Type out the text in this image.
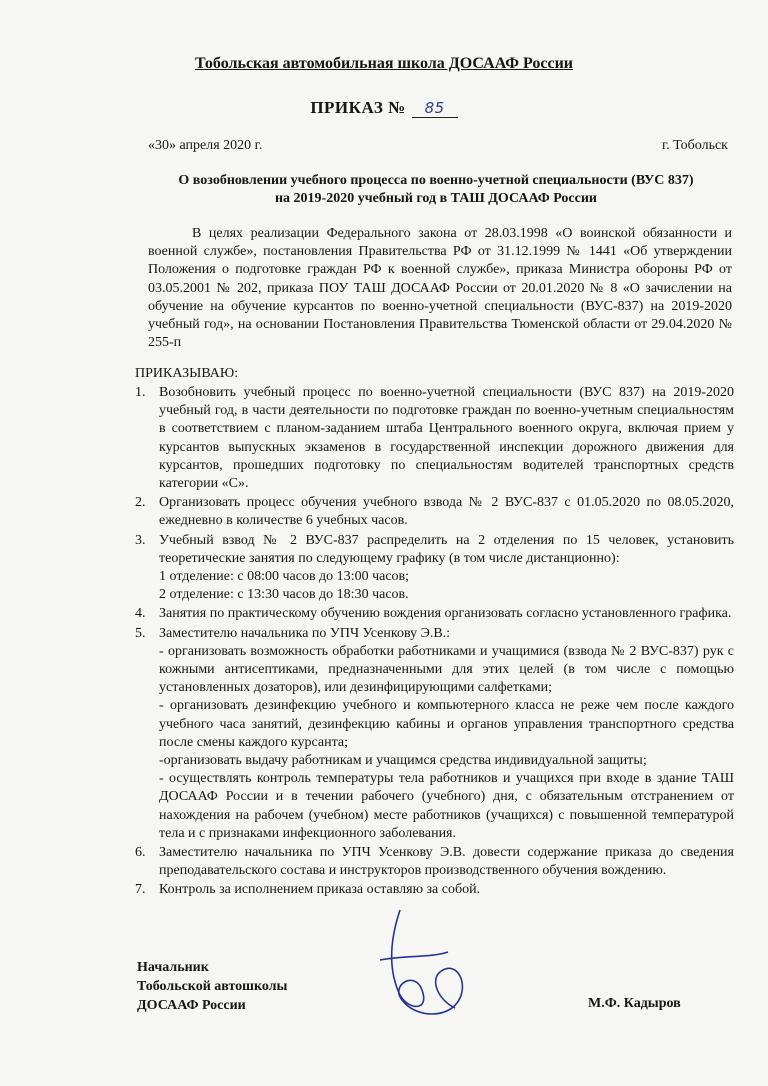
Тобольская автомобильная школа ДОСААФ России
ПРИКАЗ № 85
«30» апреля 2020 г.	г. Тобольск
О возобновлении учебного процесса по военно-учетной специальности (ВУС 837)
на 2019-2020 учебный год в ТАШ ДОСААФ России
В целях реализации Федерального закона от 28.03.1998 «О воинской обязанности и военной службе», постановления Правительства РФ от 31.12.1999 № 1441 «Об утверждении Положения о подготовке граждан РФ к военной службе», приказа Министра обороны РФ от 03.05.2001 № 202, приказа ПОУ ТАШ ДОСААФ России от 20.01.2020 № 8 «О зачислении на обучение на обучение курсантов по военно-учетной специальности (ВУС-837) на 2019-2020 учебный год», на основании Постановления Правительства Тюменской области от 29.04.2020 № 255-п
ПРИКАЗЫВАЮ:
1. Возобновить учебный процесс по военно-учетной специальности (ВУС 837) на 2019-2020 учебный год, в части деятельности по подготовке граждан по военно-учетным специальностям в соответствием с планом-заданием штаба Центрального военного округа, включая прием у курсантов выпускных экзаменов в государственной инспекции дорожного движения для курсантов, прошедших подготовку по специальностям водителей транспортных средств категории «С».
2. Организовать процесс обучения учебного взвода № 2 ВУС-837 с 01.05.2020 по 08.05.2020, ежедневно в количестве 6 учебных часов.
3. Учебный взвод № 2 ВУС-837 распределить на 2 отделения по 15 человек, установить теоретические занятия по следующему графику (в том числе дистанционно):
1 отделение: с 08:00 часов до 13:00 часов;
2 отделение: с 13:30 часов до 18:30 часов.
4. Занятия по практическому обучению вождения организовать согласно установленного графика.
5. Заместителю начальника по УПЧ Усенкову Э.В.:
- организовать возможность обработки работниками и учащимися (взвода № 2 ВУС-837) рук с кожными антисептиками, предназначенными для этих целей (в том числе с помощью установленных дозаторов), или дезинфицирующими салфетками;
- организовать дезинфекцию учебного и компьютерного класса не реже чем после каждого учебного часа занятий, дезинфекцию кабины и органов управления транспортного средства после смены каждого курсанта;
-организовать выдачу работникам и учащимся средства индивидуальной защиты;
- осуществлять контроль температуры тела работников и учащихся при входе в здание ТАШ ДОСААФ России и в течении рабочего (учебного) дня, с обязательным отстранением от нахождения на рабочем (учебном) месте работников (учащихся) с повышенной температурой тела и с признаками инфекционного заболевания.
6. Заместителю начальника по УПЧ Усенкову Э.В. довести содержание приказа до сведения преподавательского состава и инструкторов производственного обучения вождению.
7. Контроль за исполнением приказа оставляю за собой.
Начальник
Тобольской автошколы
ДОСААФ России	М.Ф. Кадыров
